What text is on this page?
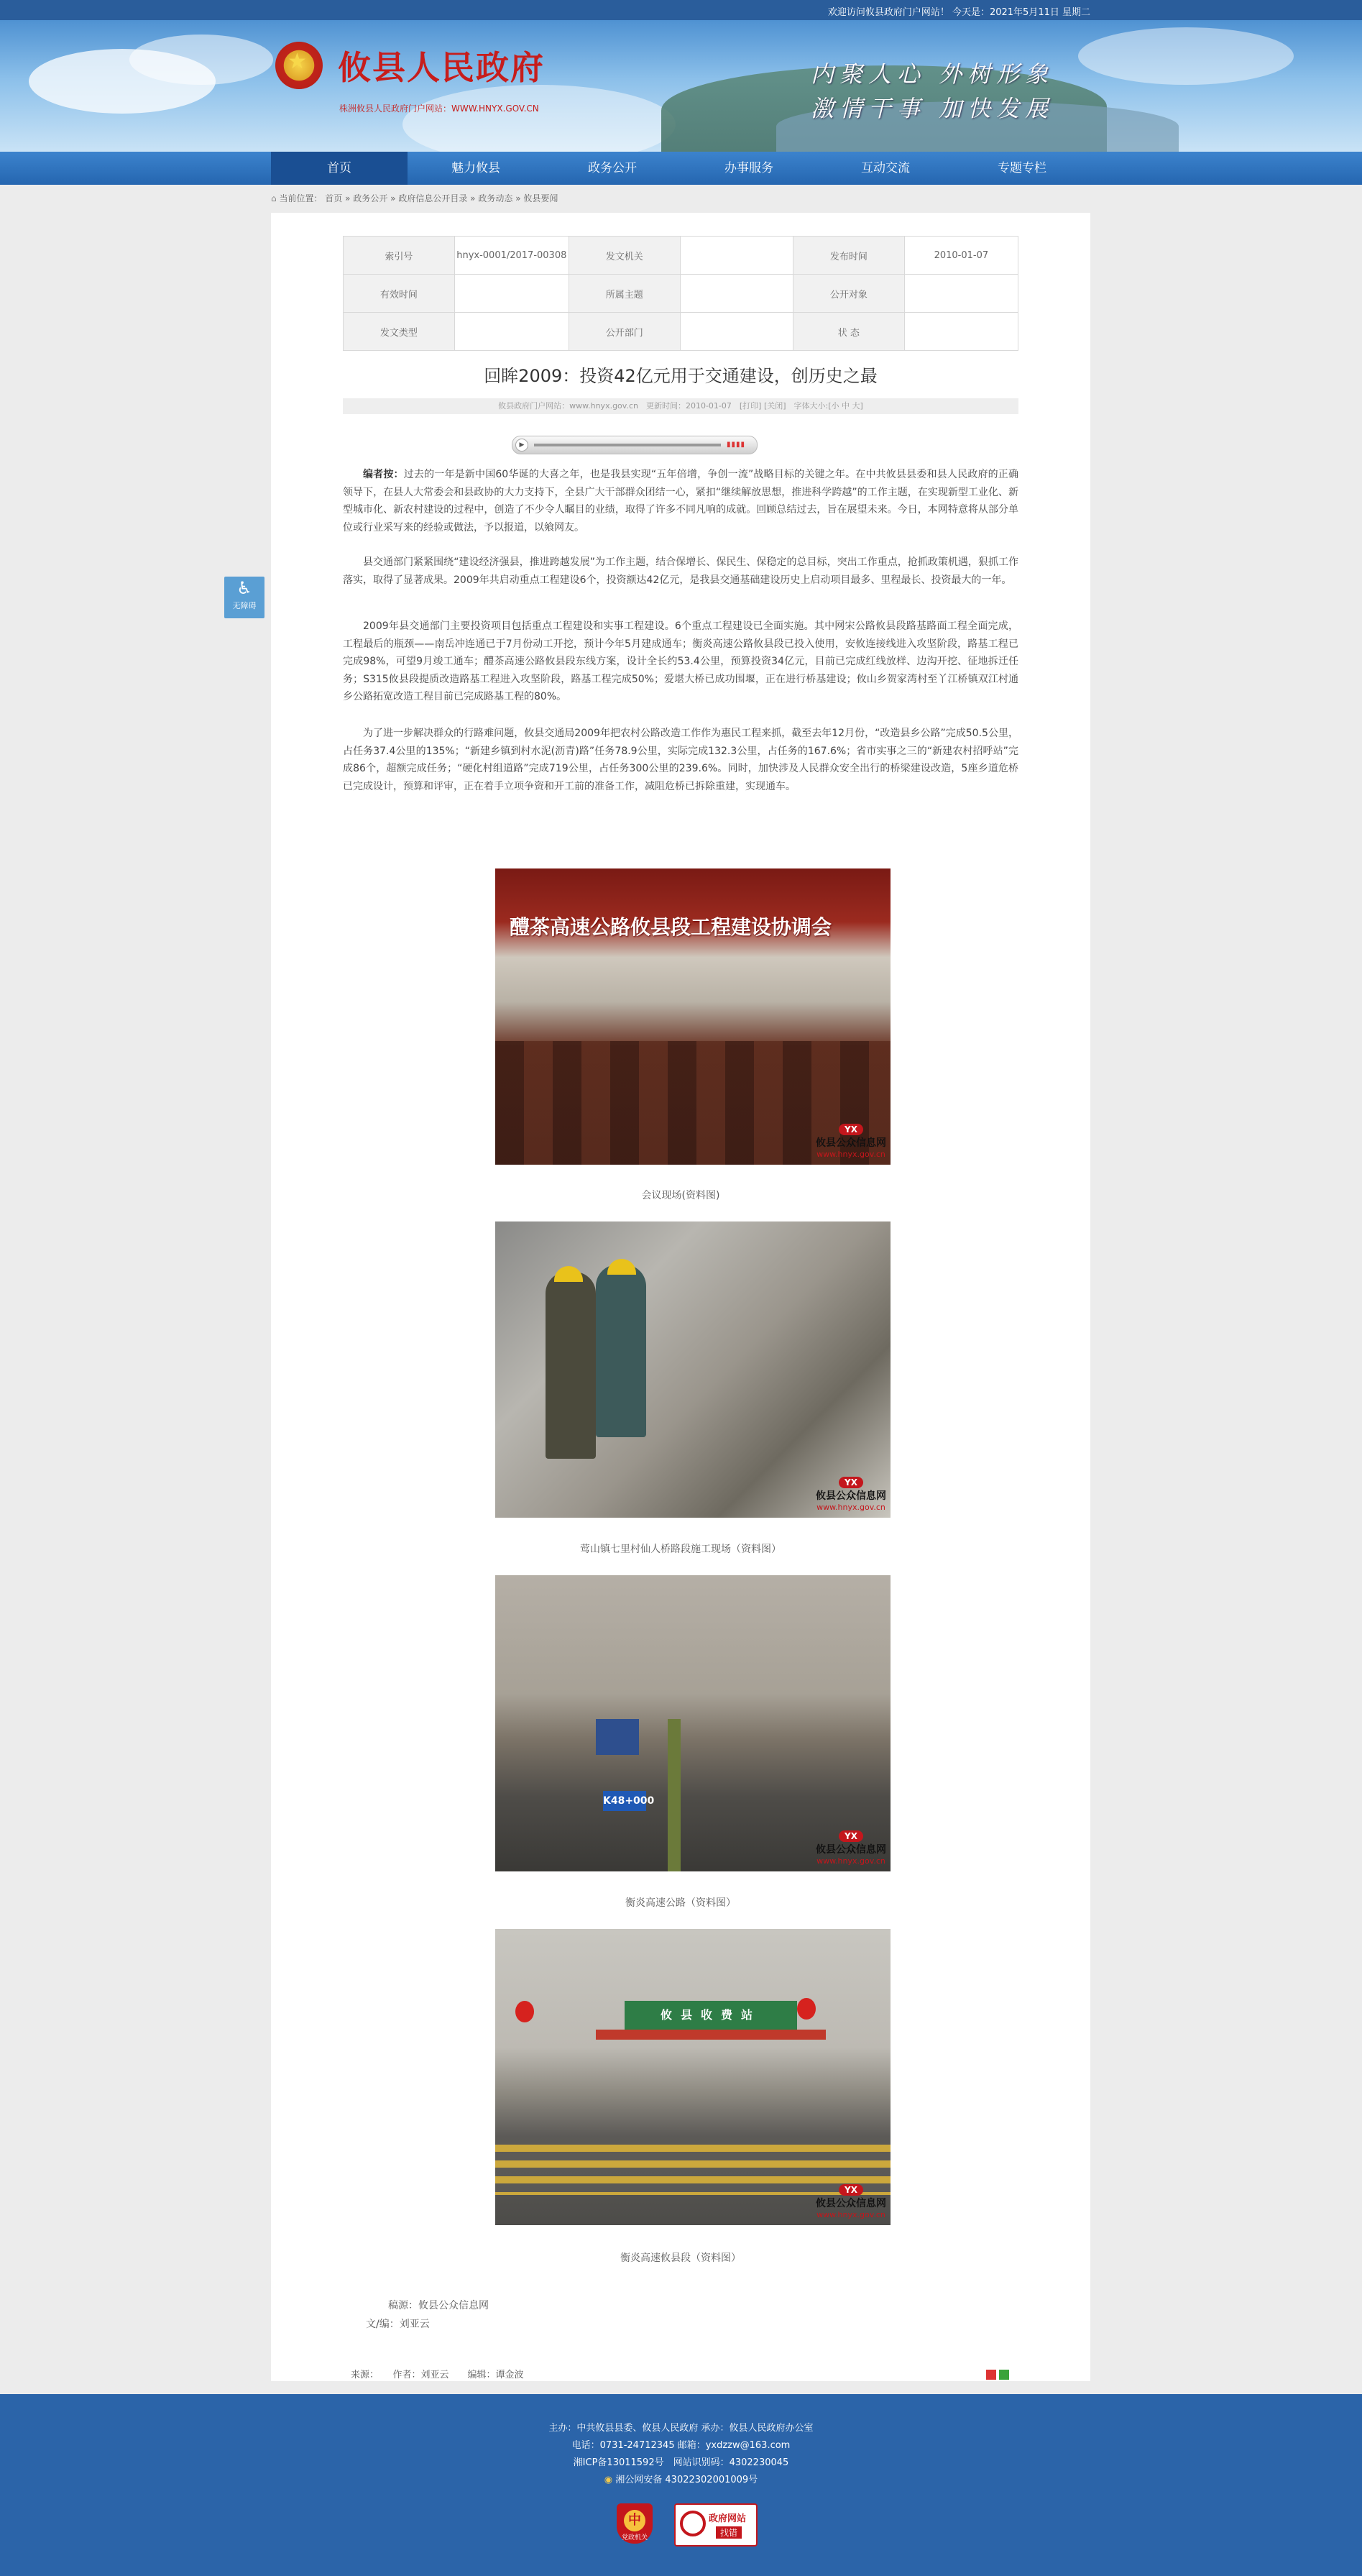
欢迎访问攸县政府门户网站！ 今天是：2021年5月11日 星期二
★ 攸县人民政府
株洲攸县人民政府门户网站：WWW.HNYX.GOV.CN
内聚人心 外树形象
激情干事 加快发展
首页	魅力攸县	政务公开	办事服务	互动交流	专题专栏
⌂ 当前位置： 首页 » 政务公开 » 政府信息公开目录 » 政务动态 » 攸县要闻
♿
无障碍
索引号	hnyx-0001/2017-00308	发文机关		发布时间	2010-01-07
有效时间		所属主题		公开对象	
发文类型		公开部门		状 态	
回眸2009：投资42亿元用于交通建设，创历史之最
攸县政府门户网站：www.hnyx.gov.cn　更新时间：2010-01-07　[打印] [关闭]　字体大小:[小 中 大]
▶	▮▮▮▮

编者按：过去的一年是新中国60华诞的大喜之年，也是我县实现“五年倍增，争创一流”战略目标的关键之年。在中共攸县县委和县人民政府的正确领导下，在县人大常委会和县政协的大力支持下，全县广大干部群众团结一心，紧扣“继续解放思想，推进科学跨越”的工作主题，在实现新型工业化、新型城市化、新农村建设的过程中，创造了不少令人瞩目的业绩，取得了许多不同凡响的成就。回顾总结过去，旨在展望未来。今日，本网特意将从部分单位或行业采写来的经验或做法，予以报道，以飨网友。

县交通部门紧紧围绕“建设经济强县，推进跨越发展”为工作主题，结合保增长、保民生、保稳定的总目标，突出工作重点，抢抓政策机遇，狠抓工作落实，取得了显著成果。2009年共启动重点工程建设6个，投资额达42亿元，是我县交通基础建设历史上启动项目最多、里程最长、投资最大的一年。

2009年县交通部门主要投资项目包括重点工程建设和实事工程建设。6个重点工程建设已全面实施。其中网宋公路攸县段路基路面工程全面完成，工程最后的瓶颈——南岳冲连通已于7月份动工开挖，预计今年5月建成通车；衡炎高速公路攸县段已投入使用，安攸连接线进入攻坚阶段，路基工程已完成98%，可望9月竣工通车；醴茶高速公路攸县段东线方案，设计全长约53.4公里，预算投资34亿元，目前已完成红线放样、边沟开挖、征地拆迁任务；S315攸县段提质改造路基工程进入攻坚阶段，路基工程完成50%；爱堪大桥已成功围堰，正在进行桥基建设；攸山乡贺家湾村至丫江桥镇双江村通乡公路拓宽改造工程目前已完成路基工程的80%。

为了进一步解决群众的行路难问题，攸县交通局2009年把农村公路改造工作作为惠民工程来抓，截至去年12月份，“改造县乡公路”完成50.5公里，占任务37.4公里的135%；“新建乡镇到村水泥(沥青)路”任务78.9公里，实际完成132.3公里，占任务的167.6%；省市实事之三的“新建农村招呼站”完成86个，超额完成任务；“硬化村组道路”完成719公里，占任务300公里的239.6%。同时，加快涉及人民群众安全出行的桥梁建设改造，5座乡道危桥已完成设计，预算和评审，正在着手立项争资和开工前的准备工作，减阻危桥已拆除重建，实现通车。

醴茶高速公路攸县段工程建设协调会
YX
攸县公众信息网
www.hnyx.gov.cn
会议现场(资料图)
YX
攸县公众信息网
www.hnyx.gov.cn
莺山镇七里村仙人桥路段施工现场（资料图）
K48+000
YX
攸县公众信息网
www.hnyx.gov.cn
衡炎高速公路（资料图）
攸县收费站
YX
攸县公众信息网
www.hnyx.gov.cn
衡炎高速攸县段（资料图）
稿源：攸县公众信息网
文/编：刘亚云
来源：　　作者：刘亚云　　编辑：谭金波
主办：中共攸县县委、攸县人民政府 承办：攸县人民政府办公室
电话：0731-24712345 邮箱：yxdzzw@163.com
湘ICP备13011592号　网站识别码：4302230045
◉ 湘公网安备 43022302001009号
中
党政机关
政府网站
找错
